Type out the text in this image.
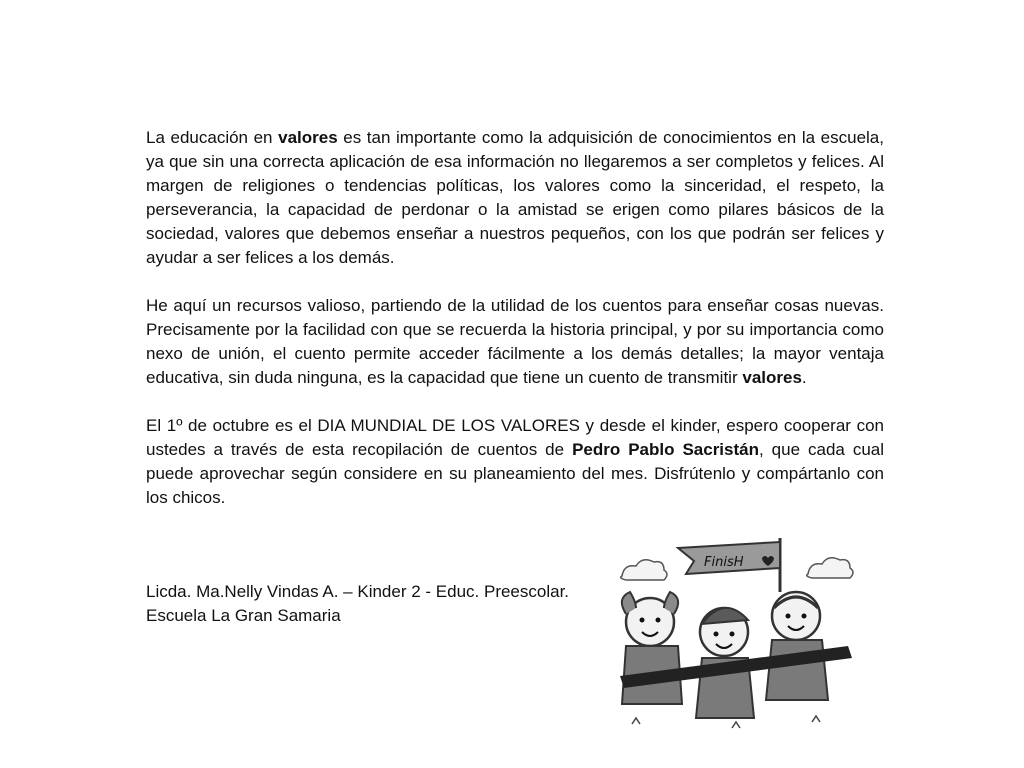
La educación en valores es tan importante como la adquisición de conocimientos en la escuela, ya que sin una correcta aplicación de esa información no llegaremos a ser completos y felices. Al margen de religiones o tendencias políticas, los valores como la sinceridad, el respeto, la perseverancia, la capacidad de perdonar o la amistad se erigen como pilares básicos de la sociedad, valores que debemos enseñar a nuestros pequeños, con los que podrán ser felices y ayudar a ser felices a los demás.

He aquí un recursos valioso, partiendo de la utilidad de los cuentos para enseñar cosas nuevas. Precisamente por la facilidad con que se recuerda la historia principal, y por su importancia como nexo de unión, el cuento permite acceder fácilmente a los demás detalles; la mayor ventaja educativa, sin duda ninguna, es la capacidad que tiene un cuento de transmitir valores.

El 1º de octubre es el DIA MUNDIAL DE LOS VALORES y desde el kinder, espero cooperar con ustedes a través de esta recopilación de cuentos de Pedro Pablo Sacristán, que cada cual puede aprovechar según considere en su planeamiento del mes. Disfrútenlo y compártanlo con los chicos.

Licda. Ma.Nelly Vindas A. – Kinder 2 - Educ. Preescolar.
Escuela La Gran Samaria
FinisH
